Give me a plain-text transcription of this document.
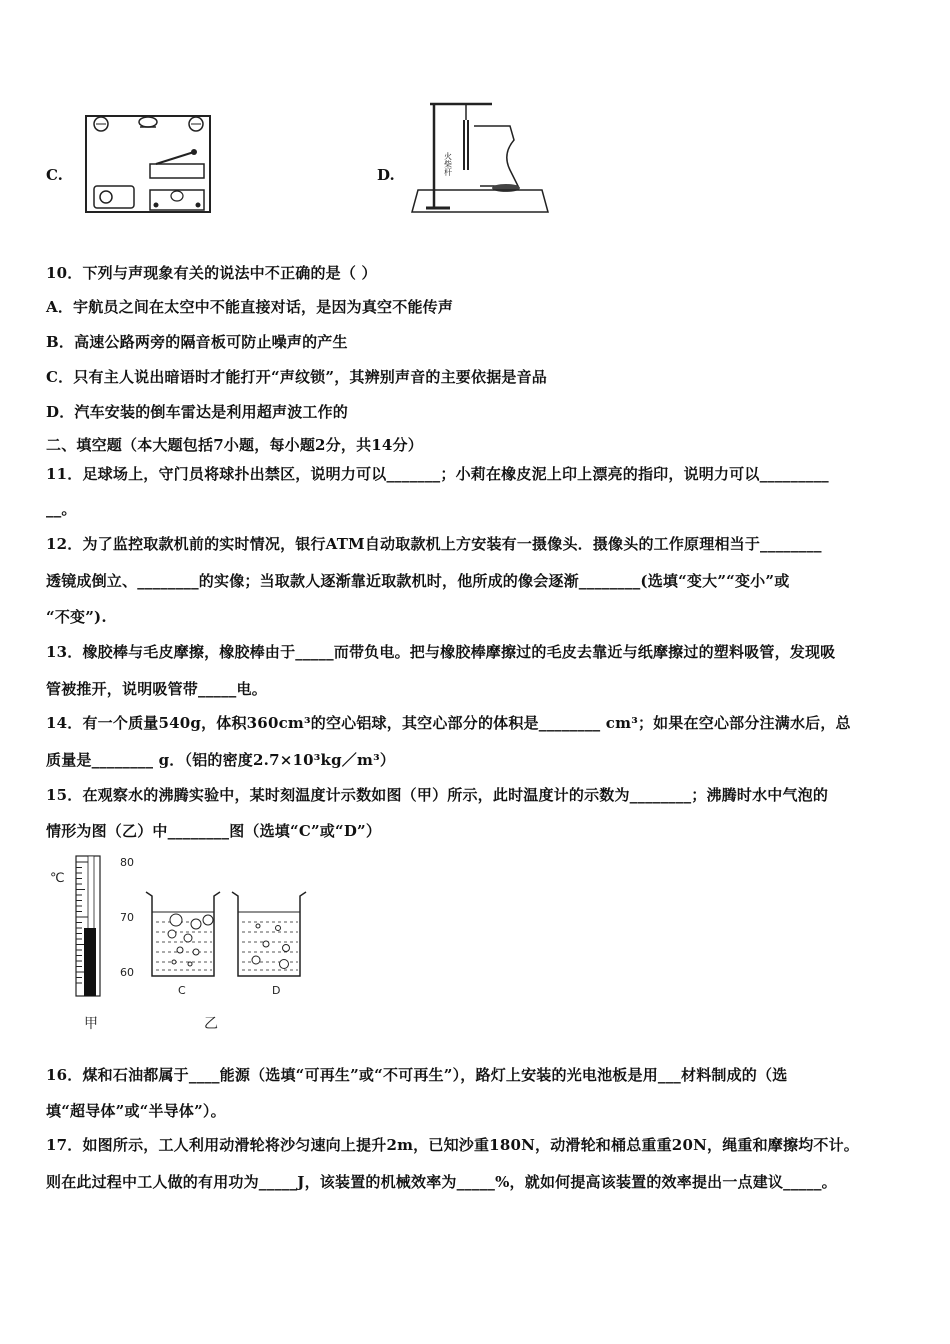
C.	D.	火柴杆
10．下列与声现象有关的说法中不正确的是（ ）
A．宇航员之间在太空中不能直接对话，是因为真空不能传声
B．高速公路两旁的隔音板可防止噪声的产生
C．只有主人说出暗语时才能打开“声纹锁”，其辨别声音的主要依据是音品
D．汽车安装的倒车雷达是利用超声波工作的
二、填空题（本大题包括7小题，每小题2分，共14分）
11．足球场上，守门员将球扑出禁区，说明力可以_______；小莉在橡皮泥上印上漂亮的指印，说明力可以_________
__。
12．为了监控取款机前的实时情况，银行ATM自动取款机上方安装有一摄像头．摄像头的工作原理相当于________
透镜成倒立、________的实像；当取款人逐渐靠近取款机时，他所成的像会逐渐________(选填“变大”“变小”或
“不变”).
13．橡胶棒与毛皮摩擦，橡胶棒由于_____而带负电。把与橡胶棒摩擦过的毛皮去靠近与纸摩擦过的塑料吸管，发现吸
管被推开，说明吸管带_____电。
14．有一个质量540g，体积360cm³的空心铝球，其空心部分的体积是________ cm³；如果在空心部分注满水后，总
质量是________ g．（铝的密度2.7×10³kg／m³）
15．在观察水的沸腾实验中，某时刻温度计示数如图（甲）所示，此时温度计的示数为________；沸腾时水中气泡的
情形为图（乙）中________图（选填“C”或“D”）
℃
80
70
60
C	D
甲	乙
16．煤和石油都属于____能源（选填“可再生”或“不可再生”），路灯上安装的光电池板是用___材料制成的（选
填“超导体”或“半导体”）。
17．如图所示，工人利用动滑轮将沙匀速向上提升2m，已知沙重180N，动滑轮和桶总重重20N，绳重和摩擦均不计。
则在此过程中工人做的有用功为_____J，该装置的机械效率为_____%，就如何提高该装置的效率提出一点建议_____。
